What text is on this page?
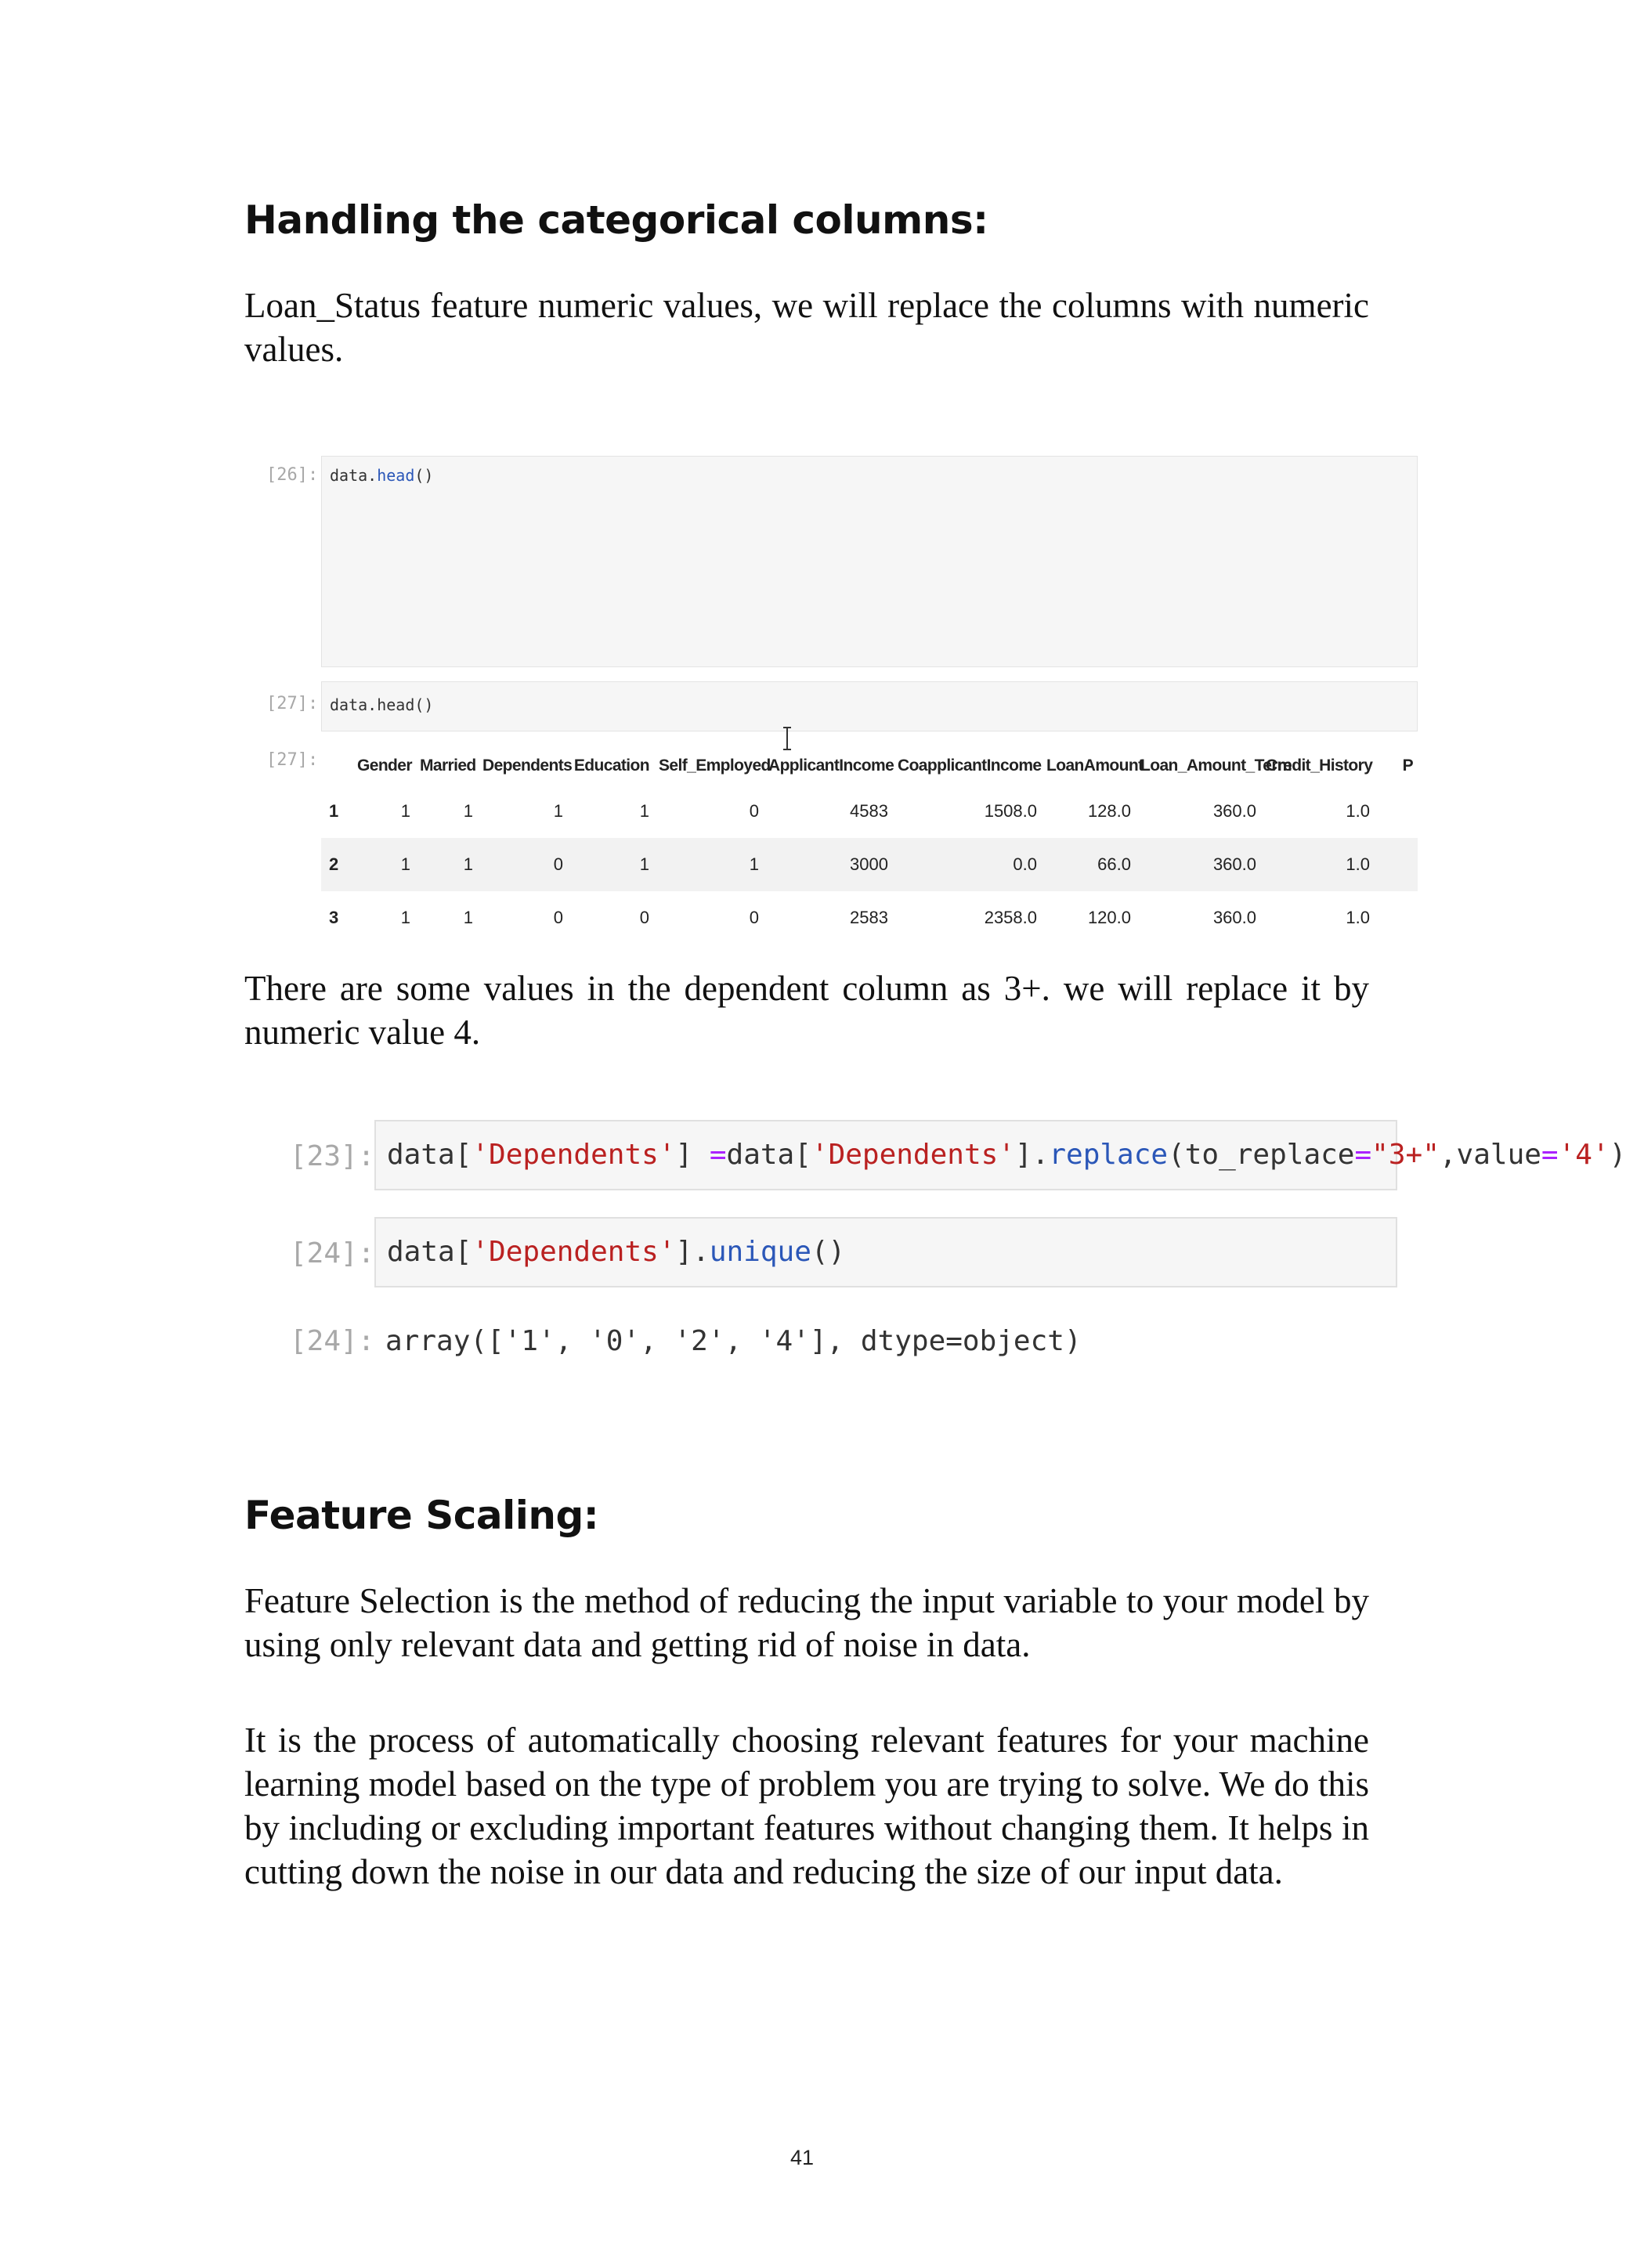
Handling the categorical columns:

Loan_Status feature numeric values, we will replace the columns with numeric values.

[26]: data.head()
[27]: data.head()
[27]:
	Gender	Married	Dependents	Education	Self_Employed	ApplicantIncome	CoapplicantIncome	LoanAmount	Loan_Amount_Term	Credit_History	P
1	1	1	1	1	0	4583	1508.0	128.0	360.0	1.0	
2	1	1	0	1	1	3000	0.0	66.0	360.0	1.0	
3	1	1	0	0	0	2583	2358.0	120.0	360.0	1.0	

There are some values in the dependent column as 3+. we will replace it by numeric value 4.

[23]: data['Dependents'] =data['Dependents'].replace(to_replace="3+",value='4')
[24]: data['Dependents'].unique()
[24]: array(['1', '0', '2', '4'], dtype=object)
Feature Scaling:

Feature Selection is the method of reducing the input variable to your model by using only relevant data and getting rid of noise in data.

It is the process of automatically choosing relevant features for your machine learning model based on the type of problem you are trying to solve. We do this by including or excluding important features without changing them. It helps in cutting down the noise in our data and reducing the size of our input data.

41
